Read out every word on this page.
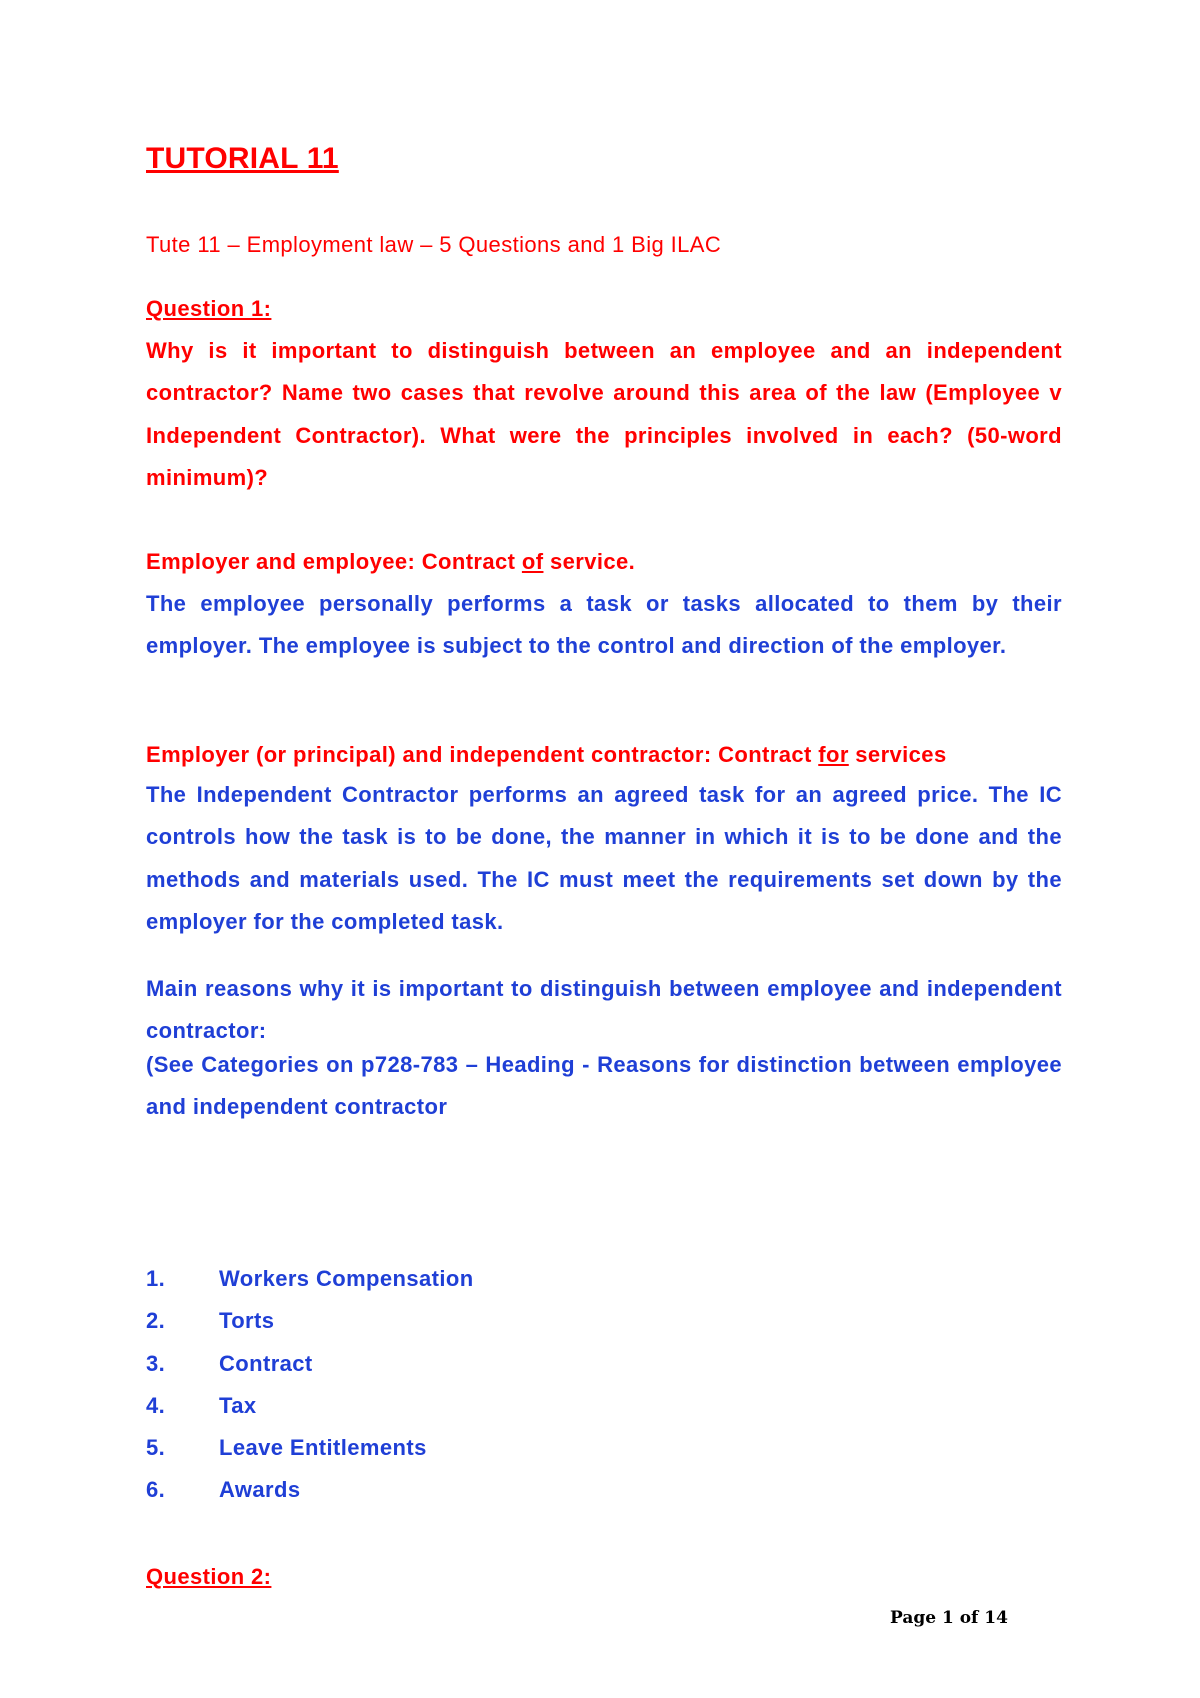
TUTORIAL 11
Tute 11 – Employment law – 5 Questions and 1 Big ILAC
Question 1:
Why is it important to distinguish between an employee and an independent contractor? Name two cases that revolve around this area of the law (Employee v Independent Contractor). What were the principles involved in each? (50-word minimum)?
Employer and employee: Contract of service.
The employee personally performs a task or tasks allocated to them by their employer. The employee is subject to the control and direction of the employer.
Employer (or principal) and independent contractor: Contract for services
The Independent Contractor performs an agreed task for an agreed price. The IC controls how the task is to be done, the manner in which it is to be done and the methods and materials used. The IC must meet the requirements set down by the employer for the completed task.
Main reasons why it is important to distinguish between employee and independent contractor:
(See Categories on p728-783 – Heading - Reasons for distinction between employee and independent contractor
1.	Workers Compensation
2.	Torts
3.	Contract
4.	Tax
5.	Leave Entitlements
6.	Awards
Question 2:
Page 1 of 14
